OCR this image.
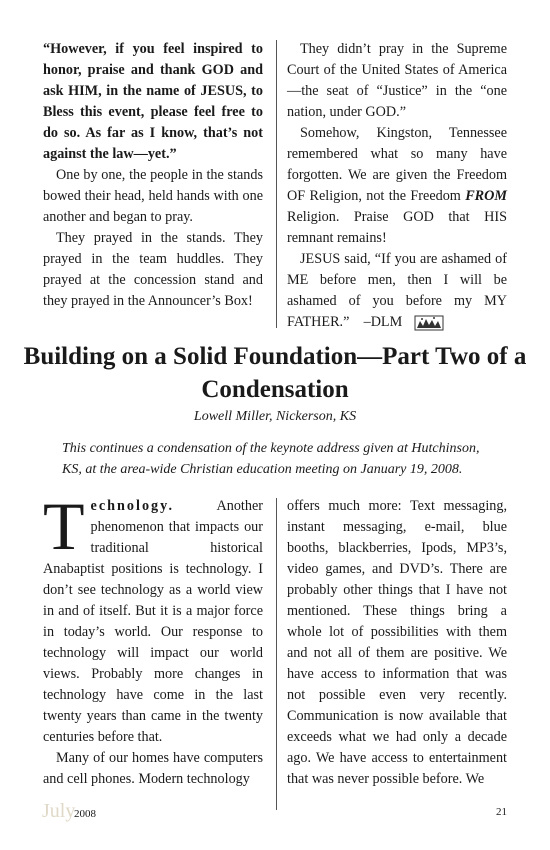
“However, if you feel inspired to honor, praise and thank GOD and ask HIM, in the name of JESUS, to Bless this event, please feel free to do so. As far as I know, that’s not against the law—yet.”

One by one, the people in the stands bowed their head, held hands with one another and began to pray.

They prayed in the stands. They prayed in the team huddles. They prayed at the concession stand and they prayed in the Announcer’s Box!

They didn’t pray in the Supreme Court of the United States of America—the seat of “Justice” in the “one nation, under GOD.”

Somehow, Kingston, Tennessee remembered what so many have forgotten. We are given the Freedom OF Religion, not the Freedom FROM Religion. Praise GOD that HIS remnant remains!

JESUS said, “If you are ashamed of ME before men, then I will be ashamed of you before my MY FATHER.” –DLM

Building on a Solid Foundation—Part Two of a Condensation
Lowell Miller, Nickerson, KS
This continues a condensation of the keynote address given at Hutchinson, KS, at the area-wide Christian education meeting on January 19, 2008.

Technology. Another phenomenon that impacts our traditional historical Anabaptist positions is technology. I don’t see technology as a world view in and of itself. But it is a major force in today’s world. Our response to technology will impact our world views. Probably more changes in technology have come in the last twenty years than came in the twenty centuries before that.

Many of our homes have computers and cell phones. Modern technology

offers much more: Text messaging, instant messaging, e-mail, blue booths, blackberries, Ipods, MP3’s, video games, and DVD’s. There are probably other things that I have not mentioned. These things bring a whole lot of possibilities with them and not all of them are positive. We have access to information that was not possible even very recently. Communication is now available that exceeds what we had only a decade ago. We have access to entertainment that was never possible before. We

July
2008	21
